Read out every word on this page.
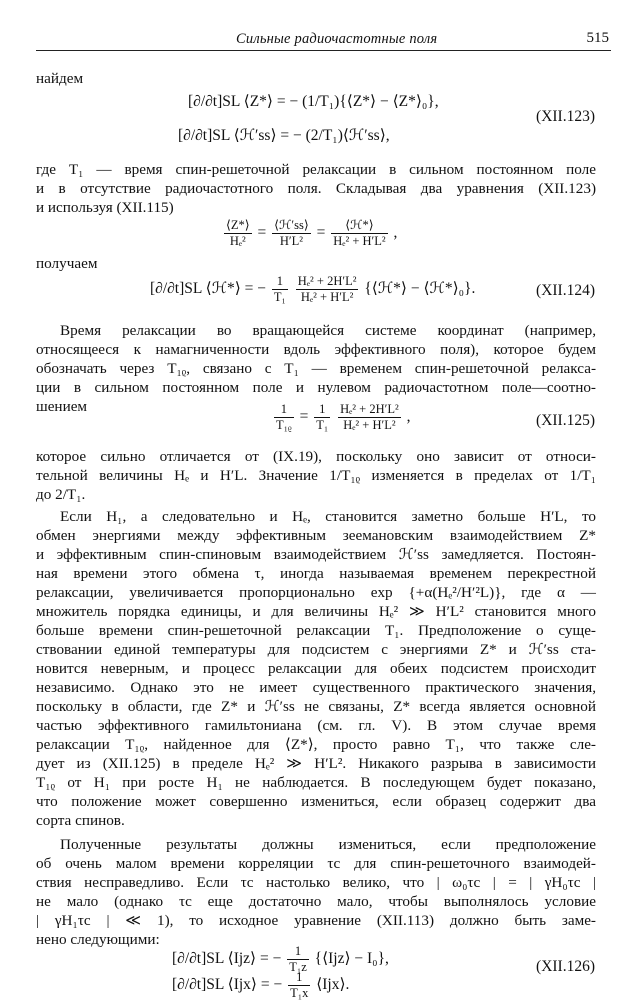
Сильные радиочастотные поля	515
найдем
[∂/∂t]SL ⟨Z*⟩ = − (1/T₁){⟨Z*⟩ − ⟨Z*⟩₀},
[∂/∂t]SL ⟨ℋ′ss⟩ = − (2/T₁)⟨ℋ′ss⟩,
(XII.123)
где T₁ — время спин-решеточной релаксации в сильном постоянном поле
и в отсутствие радиочастотного поля. Складывая два уравнения (XII.123)
и используя (XII.115)
$\frac{⟨Z*⟩}{\text{Hₑ²}} = \frac{\text{⟨ℋ′ss⟩}}{\text{H′L²}} = \frac{\text{⟨ℋ*⟩}}{\text{Hₑ² + H′L²}}$ ,
получаем
[∂/∂t]SL ⟨ℋ*⟩ = − $\frac{1}{\text{T₁}}$
$\frac{\text{Hₑ² + 2H′L²}}{\text{Hₑ² + H′L²}}$ {⟨ℋ*⟩ − ⟨ℋ*⟩₀}.	(XII.124)
Время релаксации во вращающейся системе координат (например,
относящееся к намагниченности вдоль эффективного поля), которое будем
обозначать через T₁ᵨ, связано с T₁ — временем спин-решеточной релакса-
ции в сильном постоянном поле и нулевом радиочастотном поле—соотно-
шением	$\frac{1}{\text{T₁ᵨ}} = \frac{1}{\text{T₁}}$
$\frac{\text{Hₑ² + 2H′L²}}{\text{Hₑ² + H′L²}}$ ,	(XII.125)
которое сильно отличается от (IX.19), поскольку оно зависит от относи-
тельной величины Hₑ и H′L. Значение 1/T₁ᵨ изменяется в пределах от 1/T₁
до 2/T₁.
Если H₁, а следовательно и Hₑ, становится заметно больше H′L, то
обмен энергиями между эффективным зеемановским взаимодействием Z*
и эффективным спин-спиновым взаимодействием ℋ′ss замедляется. Постоян-
ная времени этого обмена τ, иногда называемая временем перекрестной
релаксации, увеличивается пропорционально exp {+α(Hₑ²/H′²L)}, где α —
множитель порядка единицы, и для величины Hₑ² ≫ H′L² становится много
больше времени спин-решеточной релаксации T₁. Предположение о суще-
ствовании единой температуры для подсистем с энергиями Z* и ℋ′ss ста-
новится неверным, и процесс релаксации для обеих подсистем происходит
независимо. Однако это не имеет существенного практического значения,
поскольку в области, где Z* и ℋ′ss не связаны, Z* всегда является основной
частью эффективного гамильтониана (см. гл. V). В этом случае время
релаксации T₁ᵨ, найденное для ⟨Z*⟩, просто равно T₁, что также сле-
дует из (XII.125) в пределе Hₑ² ≫ H′L². Никакого разрыва в зависимости
T₁ᵨ от H₁ при росте H₁ не наблюдается. В последующем будет показано,
что положение может совершенно измениться, если образец содержит два
сорта спинов.
Полученные результаты должны измениться, если предположение
об очень малом времени корреляции τc для спин-решеточного взаимодей-
ствия несправедливо. Если τc настолько велико, что | ω₀τc | = | γH₀τc |
не мало (однако τc еще достаточно мало, чтобы выполнялось условие
| γH₁τc | ≪ 1), то исходное уравнение (XII.113) должно быть заме-
нено следующими:
[∂/∂t]SL ⟨Ijz⟩ = − $\frac{1}{\text{T₁z}}$ {⟨Ijz⟩ − I₀},
[∂/∂t]SL ⟨Ijx⟩ = − $\frac{1}{\text{T₁x}}$ ⟨Ijx⟩.
(XII.126)
